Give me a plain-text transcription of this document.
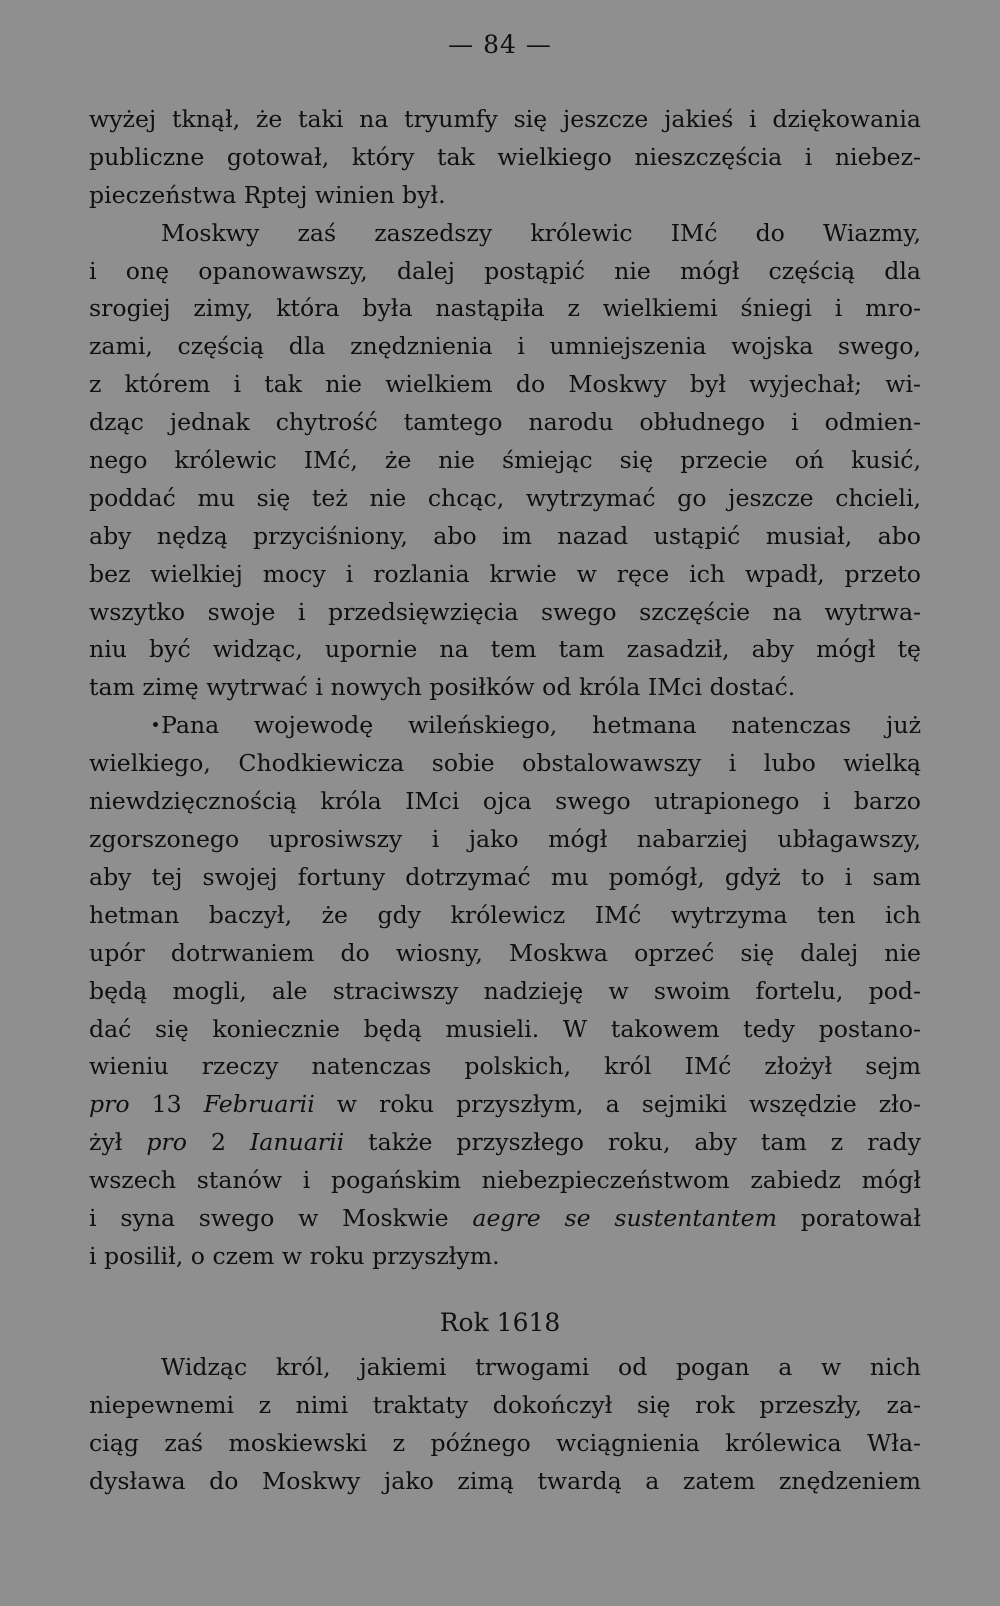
— 84 —
wyżej tknął, że taki na tryumfy się jeszcze jakieś i dziękowania
publiczne gotował, który tak wielkiego nieszczęścia i niebez-
pieczeństwa Rptej winien był.
Moskwy zaś zaszedszy królewic IMć do Wiazmy,
i onę opanowawszy, dalej postąpić nie mógł częścią dla
srogiej zimy, która była nastąpiła z wielkiemi śniegi i mro-
zami, częścią dla znędznienia i umniejszenia wojska swego,
z którem i tak nie wielkiem do Moskwy był wyjechał; wi-
dząc jednak chytrość tamtego narodu obłudnego i odmien-
nego królewic IMć, że nie śmiejąc się przecie oń kusić,
poddać mu się też nie chcąc, wytrzymać go jeszcze chcieli,
aby nędzą przyciśniony, abo im nazad ustąpić musiał, abo
bez wielkiej mocy i rozlania krwie w ręce ich wpadł, przeto
wszytko swoje i przedsięwzięcia swego szczęście na wytrwa-
niu być widząc, upornie na tem tam zasadził, aby mógł tę
tam zimę wytrwać i nowych posiłków od króla IMci dostać.
Pana wojewodę wileńskiego, hetmana natenczas już
wielkiego, Chodkiewicza sobie obstalowawszy i lubo wielką
niewdzięcznością króla IMci ojca swego utrapionego i barzo
zgorszonego uprosiwszy i jako mógł nabarziej ubłagawszy,
aby tej swojej fortuny dotrzymać mu pomógł, gdyż to i sam
hetman baczył, że gdy królewicz IMć wytrzyma ten ich
upór dotrwaniem do wiosny, Moskwa oprzeć się dalej nie
będą mogli, ale straciwszy nadzieję w swoim fortelu, pod-
dać się koniecznie będą musieli. W takowem tedy postano-
wieniu rzeczy natenczas polskich, król IMć złożył sejm
pro 13 Februarii w roku przyszłym, a sejmiki wszędzie zło-
żył pro 2 Ianuarii także przyszłego roku, aby tam z rady
wszech stanów i pogańskim niebezpieczeństwom zabiedz mógł
i syna swego w Moskwie aegre se sustentantem poratował
i posilił, o czem w roku przyszłym.
Rok 1618
Widząc król, jakiemi trwogami od pogan a w nich
niepewnemi z nimi traktaty dokończył się rok przeszły, za-
ciąg zaś moskiewski z późnego wciągnienia królewica Wła-
dysława do Moskwy jako zimą twardą a zatem znędzeniem
